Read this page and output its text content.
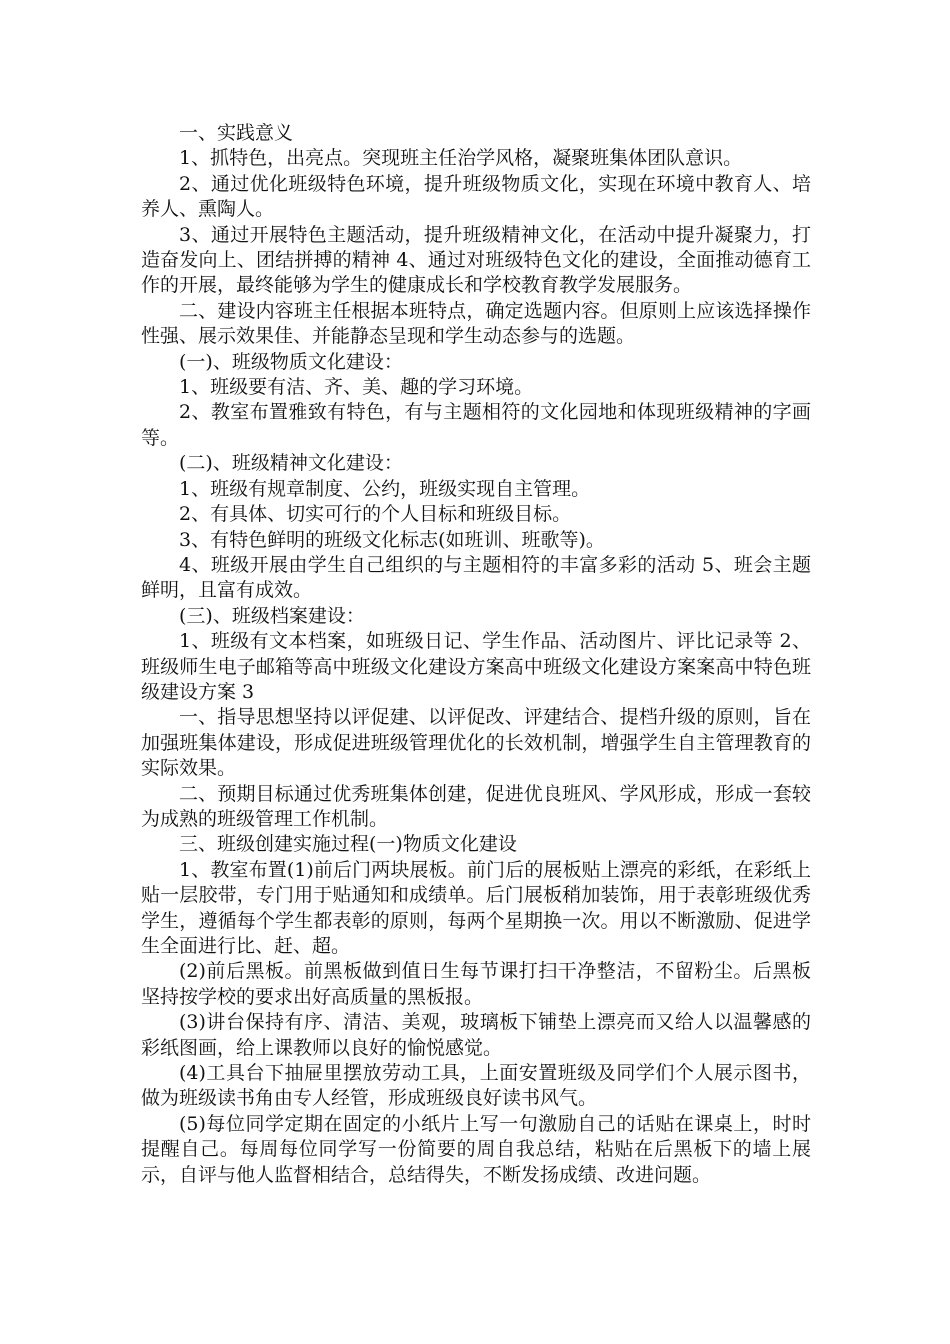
一、实践意义

1、抓特色，出亮点。突现班主任治学风格，凝聚班集体团队意识。

2、通过优化班级特色环境，提升班级物质文化，实现在环境中教育人、培养人、熏陶人。

3、通过开展特色主题活动，提升班级精神文化，在活动中提升凝聚力，打造奋发向上、团结拼搏的精神 4、通过对班级特色文化的建设，全面推动德育工作的开展，最终能够为学生的健康成长和学校教育教学发展服务。

二、建设内容班主任根据本班特点，确定选题内容。但原则上应该选择操作性强、展示效果佳、并能静态呈现和学生动态参与的选题。

(一)、班级物质文化建设：

1、班级要有洁、齐、美、趣的学习环境。

2、教室布置雅致有特色，有与主题相符的文化园地和体现班级精神的字画等。

(二)、班级精神文化建设：

1、班级有规章制度、公约，班级实现自主管理。

2、有具体、切实可行的个人目标和班级目标。

3、有特色鲜明的班级文化标志(如班训、班歌等)。

4、班级开展由学生自己组织的与主题相符的丰富多彩的活动 5、班会主题鲜明，且富有成效。

(三)、班级档案建设：

1、班级有文本档案，如班级日记、学生作品、活动图片、评比记录等 2、班级师生电子邮箱等高中班级文化建设方案高中班级文化建设方案案高中特色班级建设方案 3

一、指导思想坚持以评促建、以评促改、评建结合、提档升级的原则，旨在加强班集体建设，形成促进班级管理优化的长效机制，增强学生自主管理教育的实际效果。

二、预期目标通过优秀班集体创建，促进优良班风、学风形成，形成一套较为成熟的班级管理工作机制。

三、班级创建实施过程(一)物质文化建设

1、教室布置(1)前后门两块展板。前门后的展板贴上漂亮的彩纸，在彩纸上贴一层胶带，专门用于贴通知和成绩单。后门展板稍加装饰，用于表彰班级优秀学生，遵循每个学生都表彰的原则，每两个星期换一次。用以不断激励、促进学生全面进行比、赶、超。

(2)前后黑板。前黑板做到值日生每节课打扫干净整洁，不留粉尘。后黑板坚持按学校的要求出好高质量的黑板报。

(3)讲台保持有序、清洁、美观，玻璃板下铺垫上漂亮而又给人以温馨感的彩纸图画，给上课教师以良好的愉悦感觉。

(4)工具台下抽屉里摆放劳动工具，上面安置班级及同学们个人展示图书，做为班级读书角由专人经管，形成班级良好读书风气。

(5)每位同学定期在固定的小纸片上写一句激励自己的话贴在课桌上，时时提醒自己。每周每位同学写一份简要的周自我总结，粘贴在后黑板下的墙上展示，自评与他人监督相结合，总结得失，不断发扬成绩、改进问题。
